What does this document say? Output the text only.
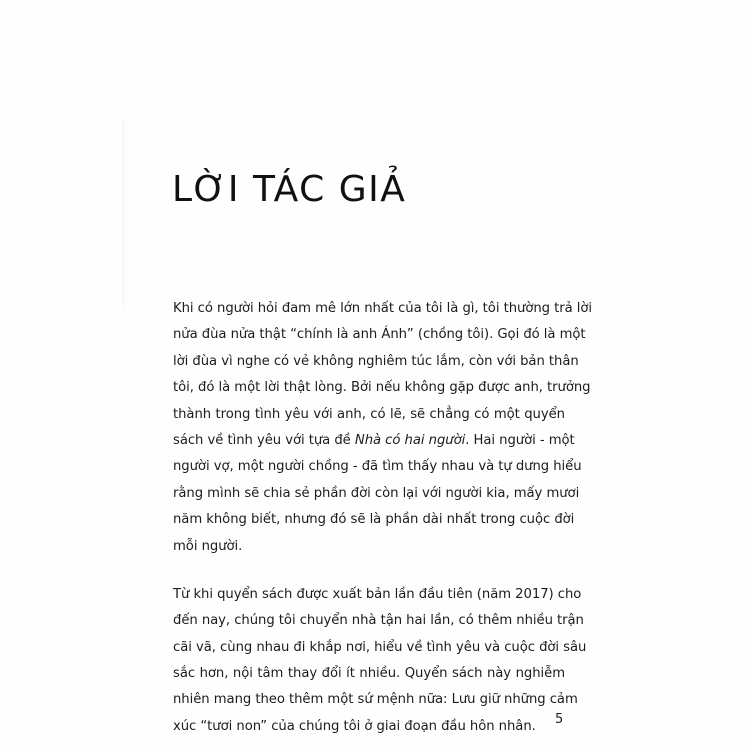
LỜI TÁC GIẢ

Khi có người hỏi đam mê lớn nhất của tôi là gì, tôi thường trả lời
nửa đùa nửa thật “chính là anh Ánh” (chồng tôi). Gọi đó là một
lời đùa vì nghe có vẻ không nghiêm túc lắm, còn với bản thân
tôi, đó là một lời thật lòng. Bởi nếu không gặp được anh, trưởng
thành trong tình yêu với anh, có lẽ, sẽ chẳng có một quyển
sách về tình yêu với tựa đề Nhà có hai người. Hai người - một
người vợ, một người chồng - đã tìm thấy nhau và tự dưng hiểu
rằng mình sẽ chia sẻ phần đời còn lại với người kia, mấy mươi
năm không biết, nhưng đó sẽ là phần dài nhất trong cuộc đời
mỗi người.

Từ khi quyển sách được xuất bản lần đầu tiên (năm 2017) cho
đến nay, chúng tôi chuyển nhà tận hai lần, có thêm nhiều trận
cãi vã, cùng nhau đi khắp nơi, hiểu về tình yêu và cuộc đời sâu
sắc hơn, nội tâm thay đổi ít nhiều. Quyển sách này nghiễm
nhiên mang theo thêm một sứ mệnh nữa: Lưu giữ những cảm
xúc “tươi non” của chúng tôi ở giai đoạn đầu hôn nhân.	5
